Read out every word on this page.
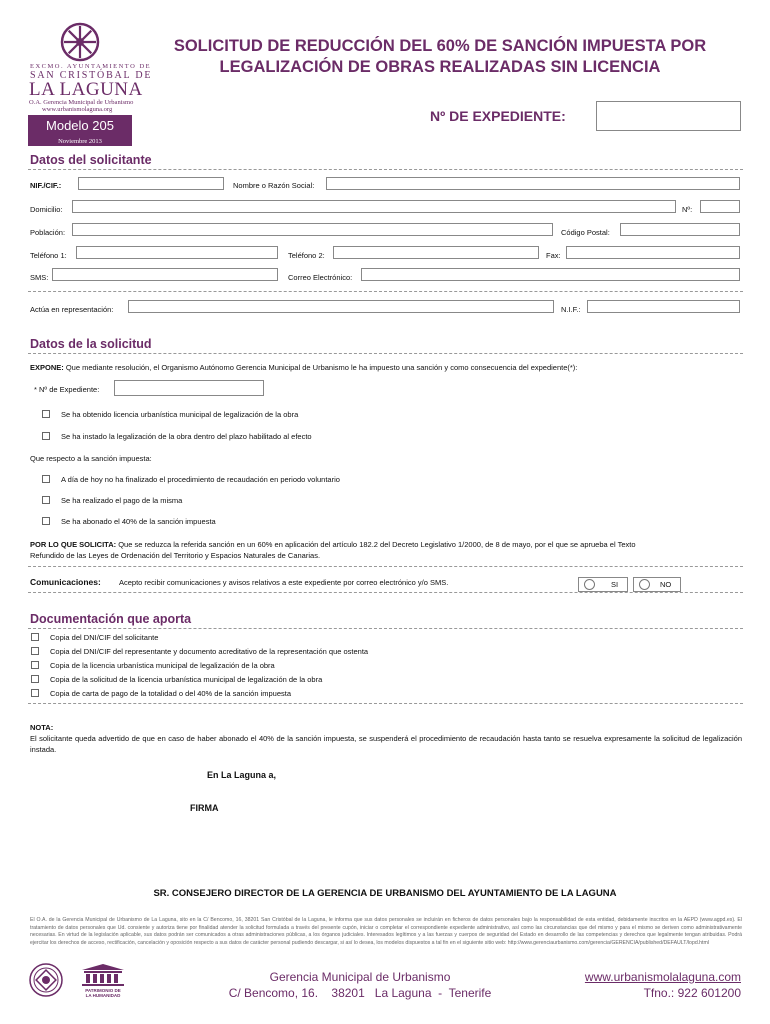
EXCMO. AYUNTAMIENTO DE
SAN CRISTÓBAL DE
LA LAGUNA
O.A. Gerencia Municipal de Urbanismo
www.urbanismolaguna.org
Modelo 205
Noviembre 2013
SOLICITUD DE REDUCCIÓN DEL 60% DE SANCIÓN IMPUESTA POR
LEGALIZACIÓN DE OBRAS REALIZADAS SIN LICENCIA
Nº DE EXPEDIENTE:
Datos del solicitante
NIF./CIF.:	Nombre o Razón Social:
Domicilio:	Nº:
Población:	Código Postal:
Teléfono 1:	Teléfono 2:	Fax:
SMS:	Correo Electrónico:
Actúa en representación:	N.I.F.:
Datos de la solicitud
EXPONE: Que mediante resolución, el Organismo Autónomo Gerencia Municipal de Urbanismo le ha impuesto una sanción y como consecuencia del expediente(*):
* Nº de Expediente:
Se ha obtenido licencia urbanística municipal de legalización de la obra
Se ha instado la legalización de la obra dentro del plazo habilitado al efecto
Que respecto a la sanción impuesta:
A día de hoy no ha finalizado el procedimiento de recaudación en periodo voluntario
Se ha realizado el pago de la misma
Se ha abonado el 40% de la sanción impuesta
POR LO QUE SOLICITA: Que se reduzca la referida sanción en un 60% en aplicación del artículo 182.2 del Decreto Legislativo 1/2000, de 8 de mayo, por el que se aprueba el Texto
Refundido de las Leyes de Ordenación del Territorio y Espacios Naturales de Canarias.
Comunicaciones: Acepto recibir comunicaciones y avisos relativos a este expediente por correo electrónico y/o SMS.	SI	NO
Documentación que aporta
Copia del DNI/CIF del solicitante
Copia del DNI/CIF del representante y documento acreditativo de la representación que ostenta
Copia de la licencia urbanística municipal de legalización de la obra
Copia de la solicitud de la licencia urbanística municipal de legalización de la obra
Copia de carta de pago de la totalidad o del 40% de la sanción impuesta
NOTA:
El solicitante queda advertido de que en caso de haber abonado el 40% de la sanción impuesta, se suspenderá el procedimiento de recaudación hasta tanto se resuelva expresamente la solicitud de legalización instada.
En La Laguna a,
FIRMA
SR. CONSEJERO DIRECTOR DE LA GERENCIA DE URBANISMO DEL AYUNTAMIENTO DE LA LAGUNA
El O.A. de la Gerencia Municipal de Urbanismo de La Laguna, sito en la C/ Bencomo, 16, 38201 San Cristóbal de la Laguna, le informa que sus datos personales se incluirán en ficheros de datos personales bajo la responsabilidad de esta entidad, debidamente inscritos en la AEPD (www.agpd.es). El tratamiento de datos personales que Ud. consiente y autoriza tiene por finalidad atender la solicitud formulada a través del presente cupón, iniciar o completar el correspondiente expediente administrativo, así como las circunstancias que del mismo y para el mismo se deriven como administrativamente necesarias. En virtud de la legislación aplicable, sus datos podrán ser comunicados a otras administraciones públicas, a los órganos judiciales. Interesados legítimos y a las fuerzas y cuerpos de seguridad del Estado en desarrollo de las competencias y derechos que legalmente tengan atribuidas. Podrá ejercitar los derechos de acceso, rectificación, cancelación y oposición respecto a sus datos de carácter personal pudiendo descargar, si así lo desea, los modelos dispuestos a tal fin en el siguiente sitio web: http://www.gerenciaurbanismo.com/gerencia/GERENCIA/published/DEFAULT/lopd.html
PATRIMONIO DE
LA HUMANIDAD
Gerencia Municipal de Urbanismo
C/ Bencomo, 16.    38201   La Laguna  -  Tenerife
www.urbanismolalaguna.com
Tfno.: 922 601200
